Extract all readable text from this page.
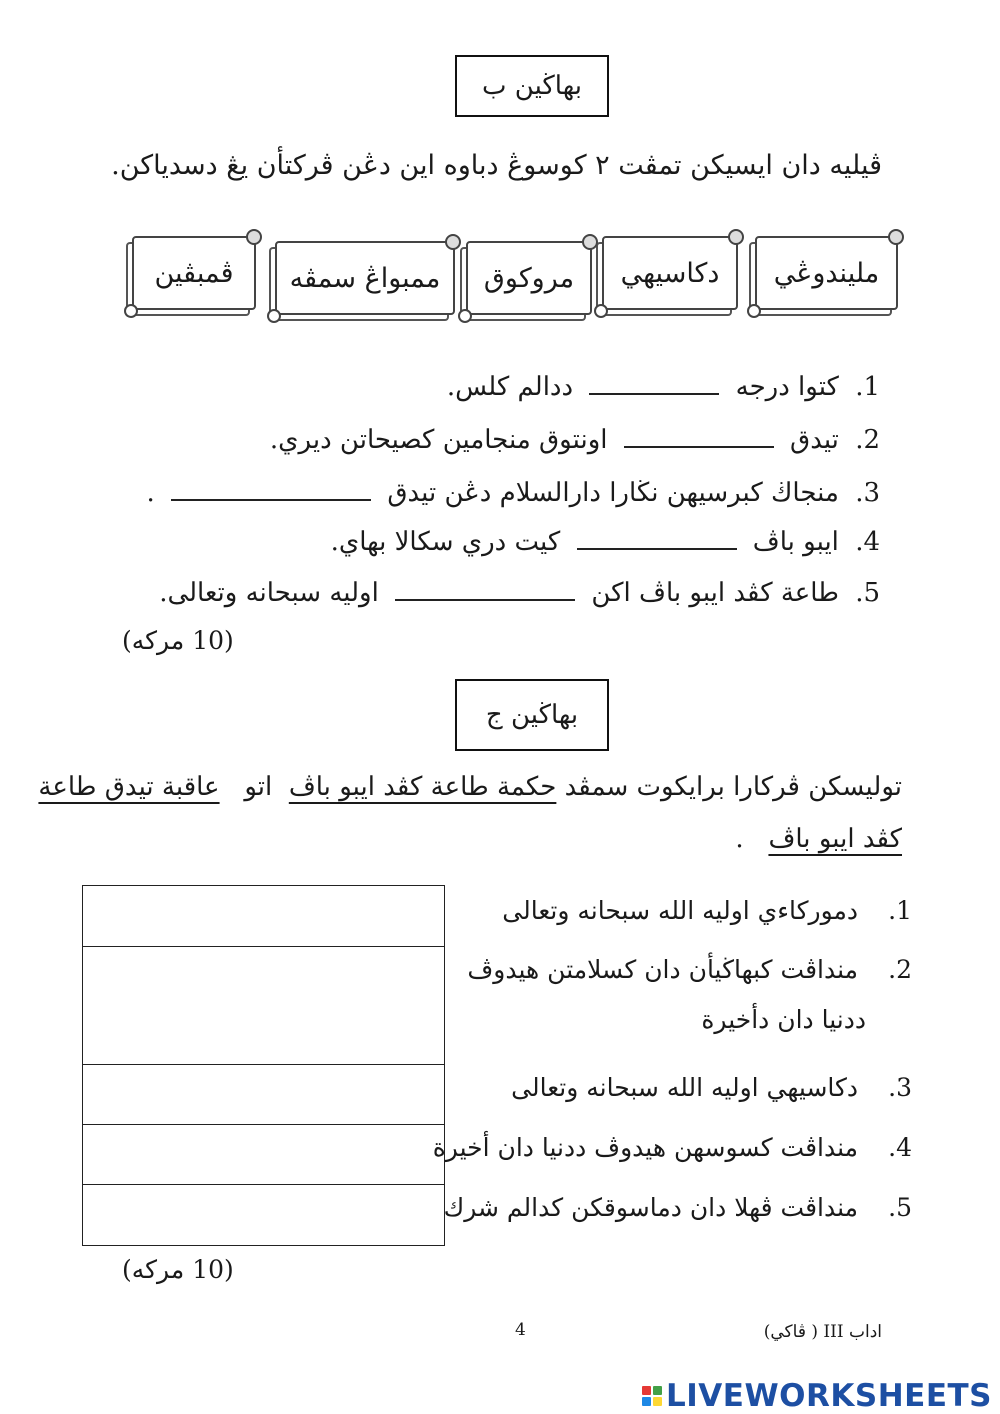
بهاڬين ب
ڤيليه دان ايسيكن تمڤت ٢ كوسوڠ دباوه اين دڠن ڤركتأن يڠ دسدياكن.
مليندوڠي
دكاسيهي
مروكوق
ممبواڠ سمڤه
ڤمبڤين
1. كتوا درجه  ددالم كلس.
2. تيدق  اونتوق منجامين كصيحاتن ديري.
3. منجاڬ كبرسيهن نڬارا دارالسلام دڠن تيدق  .
4. ايبو باڤ  كيت دري سكالا بهاي.
5. طاعة كڤد ايبو باڤ اكن  اوليه سبحانه وتعالى.
(10 مركه)
بهاڬين ج
توليسكن ڤركارا برايكوت سمڤد حكمة طاعة كڤد ايبو باڤ  اتو   عاقبة تيدق طاعة
كڤد ايبو باڤ   .
1. دموركاءي اوليه الله سبحانه وتعالى
2. منداڤت كبهاڬيأن دان كسلامتن هيدوڤ
ددنيا دان دأخيرة
3. دكاسيهي اوليه الله سبحانه وتعالى
4. منداڤت كسوسهن هيدوڤ ددنيا دان أخيرة
5. منداڤت ڤهلا دان دماسوقكن كدالم شرك
(10 مركه)
4	اداب III ( ڤاكي)
LIVEWORKSHEETS
